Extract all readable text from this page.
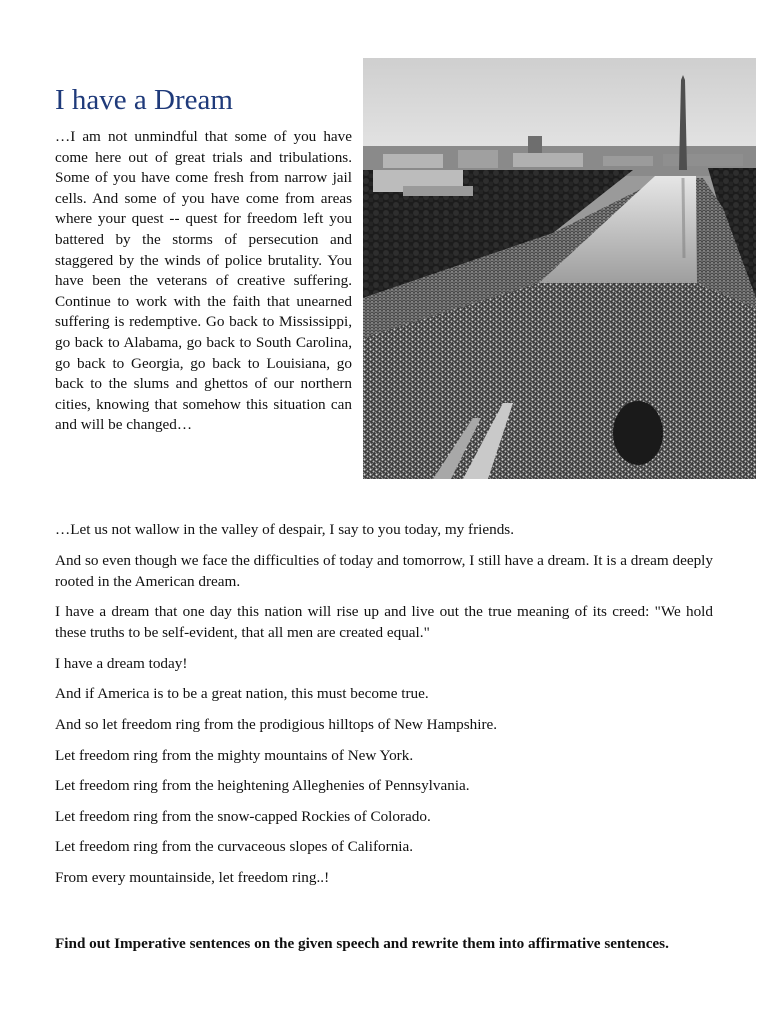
I have a Dream

…I am not unmindful that some of you have come here out of great trials and tribulations. Some of you have come fresh from narrow jail cells. And some of you have come from areas where your quest -- quest for freedom left you battered by the storms of persecution and staggered by the winds of police brutality. You have been the veterans of creative suffering. Continue to work with the faith that unearned suffering is redemptive. Go back to Mississippi, go back to Alabama, go back to South Carolina, go back to Georgia, go back to Louisiana, go back to the slums and ghettos of our northern cities, knowing that somehow this situation can and will be changed…

…Let us not wallow in the valley of despair, I say to you today, my friends.

And so even though we face the difficulties of today and tomorrow, I still have a dream. It is a dream deeply rooted in the American dream.

I have a dream that one day this nation will rise up and live out the true meaning of its creed: "We hold these truths to be self-evident, that all men are created equal."

I have a dream today!

And if America is to be a great nation, this must become true.

And so let freedom ring from the prodigious hilltops of New Hampshire.

Let freedom ring from the mighty mountains of New York.

Let freedom ring from the heightening Alleghenies of Pennsylvania.

Let freedom ring from the snow-capped Rockies of Colorado.

Let freedom ring from the curvaceous slopes of California.

From every mountainside, let freedom ring..!

Find out Imperative sentences on the given speech and rewrite them into affirmative sentences.
